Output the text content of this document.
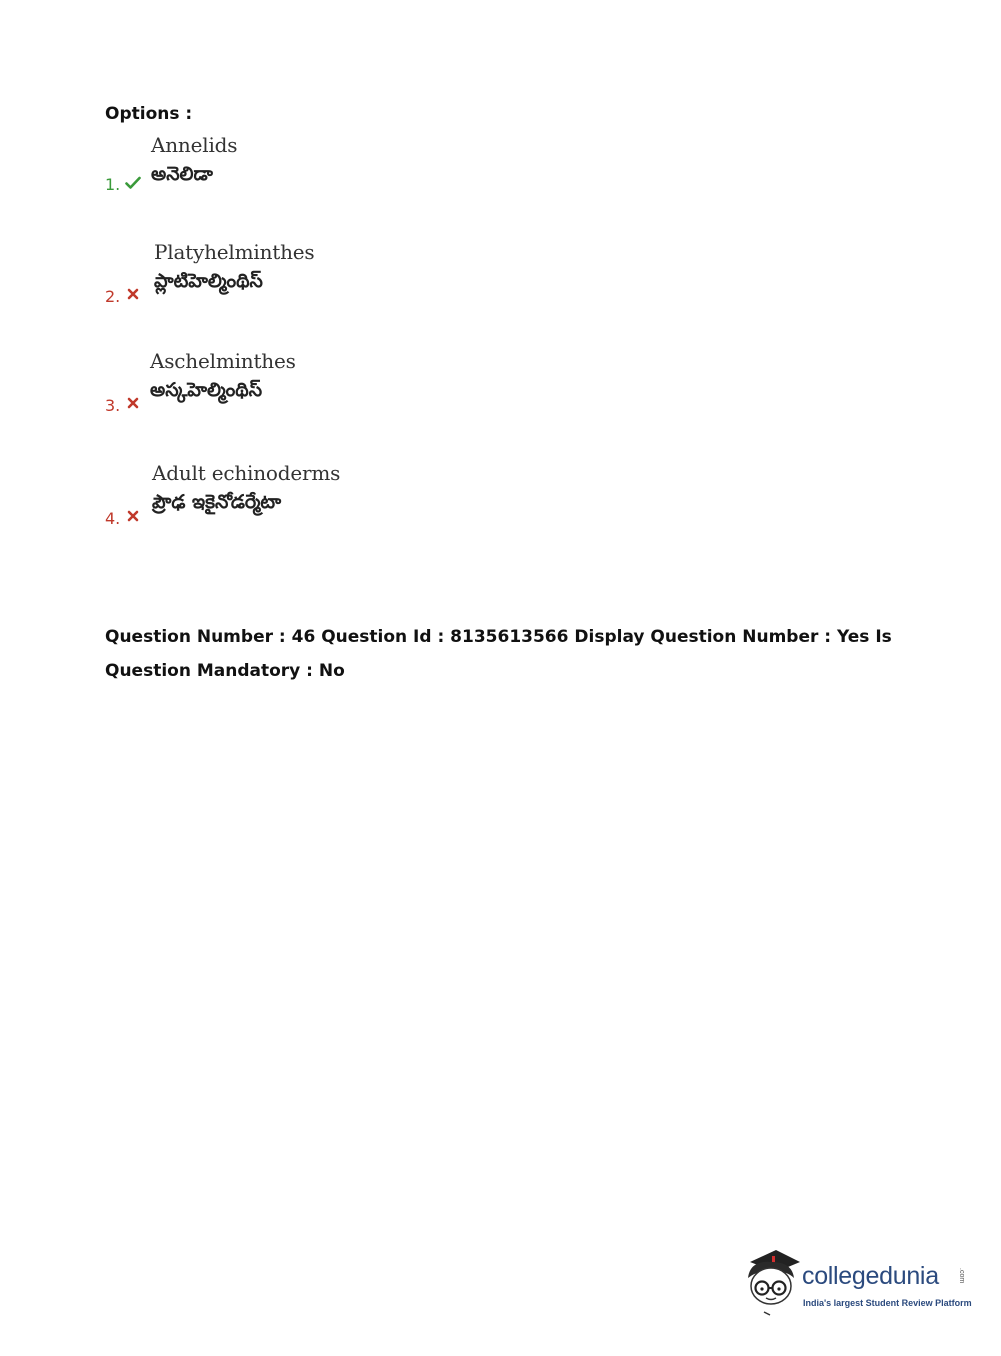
Options :
Annelids
అనెలిడా
1.
Platyhelminthes
ప్లాటిహెల్మింథిస్
2.
Aschelminthes
అస్కహెల్మింథిస్
3.
Adult echinoderms
ప్రౌఢ ఇకైనోడర్మేటా
4.
Question Number : 46 Question Id : 8135613566 Display Question Number : Yes Is Question Mandatory : No
collegedunia	.com
India's largest Student Review Platform
